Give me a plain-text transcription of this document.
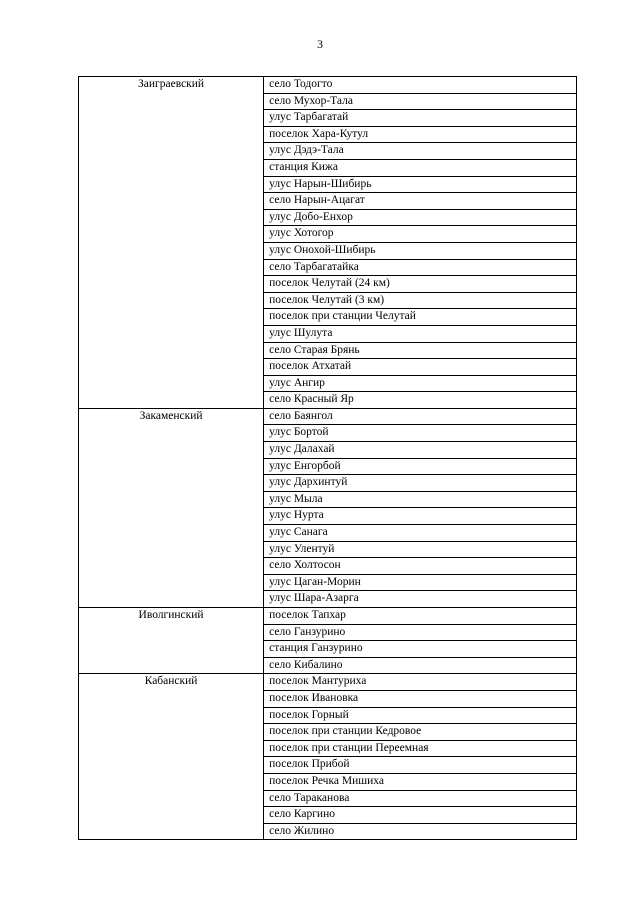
3
Заиграевский	село Тодогто
	село Мухор-Тала
	улус Тарбагатай
	поселок Хара-Кутул
	улус Дэдэ-Тала
	станция Кижа
	улус Нарын-Шибирь
	село Нарын-Ацагат
	улус Добо-Енхор
	улус Хотогор
	улус Онохой-Шибирь
	село Тарбагатайка
	поселок Челутай (24 км)
	поселок Челутай (3 км)
	поселок при станции Челутай
	улус Шулута
	село Старая Брянь
	поселок Атхатай
	улус Ангир
	село Красный Яр
Закаменский	село Баянгол
	улус Бортой
	улус Далахай
	улус Енгорбой
	улус Дархинтуй
	улус Мыла
	улус Нурта
	улус Санага
	улус Улентуй
	село Холтосон
	улус Цаган-Морин
	улус Шара-Азарга
Иволгинский	поселок Тапхар
	село Ганзурино
	станция Ганзурино
	село Кибалино
Кабанский	поселок Мантуриха
	поселок Ивановка
	поселок Горный
	поселок при станции Кедровое
	поселок при станции Переемная
	поселок Прибой
	поселок Речка Мишиха
	село Тараканова
	село Каргино
	село Жилино
